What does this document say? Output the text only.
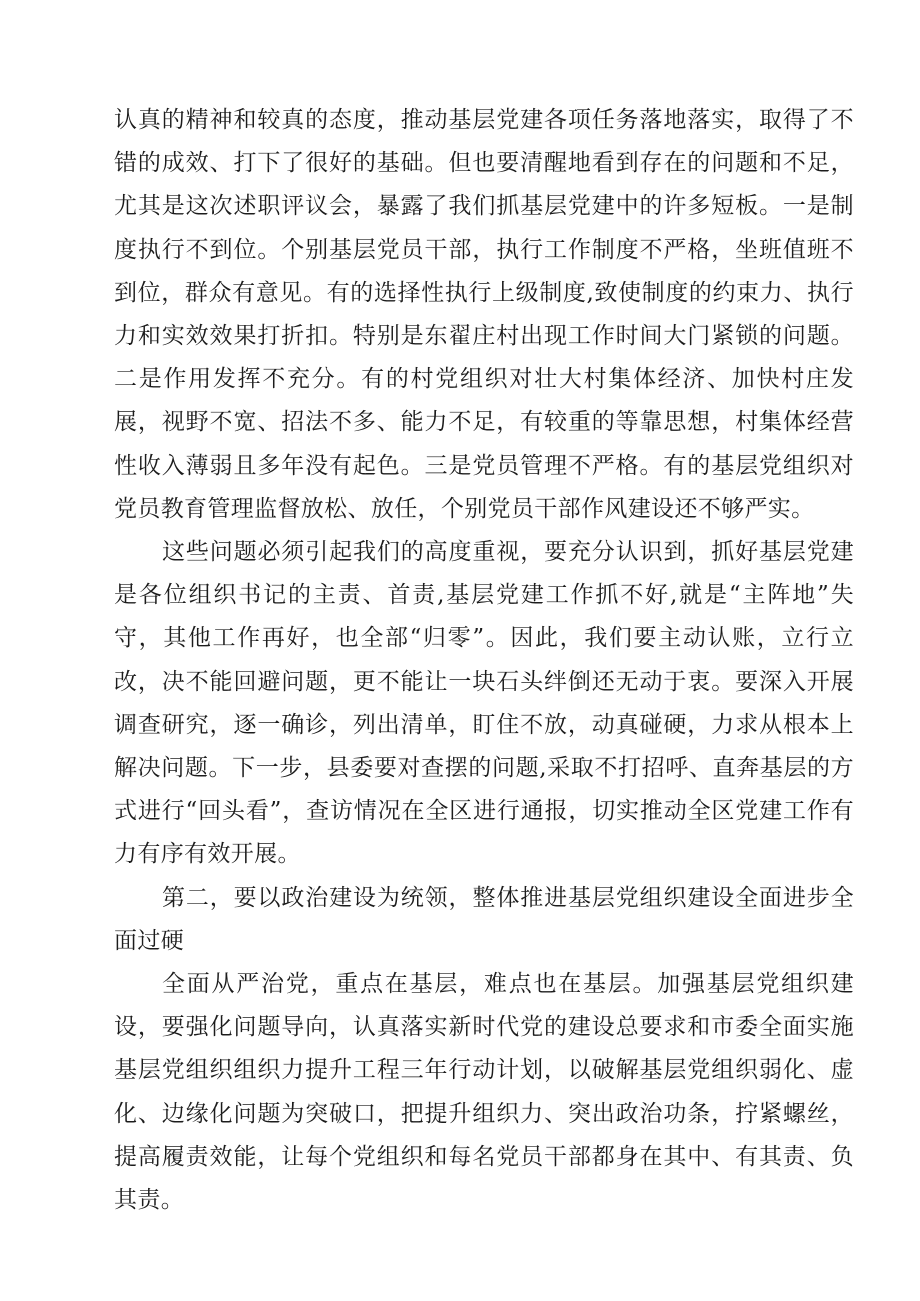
认真的精神和较真的态度，推动基层党建各项任务落地落实，取得了不错的成效、打下了很好的基础。但也要清醒地看到存在的问题和不足，尤其是这次述职评议会，暴露了我们抓基层党建中的许多短板。一是制度执行不到位。个别基层党员干部，执行工作制度不严格，坐班值班不到位，群众有意见。有的选择性执行上级制度,致使制度的约束力、执行力和实效效果打折扣。特别是东翟庄村出现工作时间大门紧锁的问题。二是作用发挥不充分。有的村党组织对壮大村集体经济、加快村庄发展，视野不宽、招法不多、能力不足，有较重的等靠思想，村集体经营性收入薄弱且多年没有起色。三是党员管理不严格。有的基层党组织对党员教育管理监督放松、放任，个别党员干部作风建设还不够严实。

这些问题必须引起我们的高度重视，要充分认识到，抓好基层党建是各位组织书记的主责、首责,基层党建工作抓不好,就是“主阵地”失守，其他工作再好，也全部“归零”。因此，我们要主动认账，立行立改，决不能回避问题，更不能让一块石头绊倒还无动于衷。要深入开展调查研究，逐一确诊，列出清单，盯住不放，动真碰硬，力求从根本上解决问题。下一步，县委要对查摆的问题,采取不打招呼、直奔基层的方式进行“回头看”，查访情况在全区进行通报，切实推动全区党建工作有力有序有效开展。

第二，要以政治建设为统领，整体推进基层党组织建设全面进步全面过硬

全面从严治党，重点在基层，难点也在基层。加强基层党组织建设，要强化问题导向，认真落实新时代党的建设总要求和市委全面实施基层党组织组织力提升工程三年行动计划，以破解基层党组织弱化、虚化、边缘化问题为突破口，把提升组织力、突出政治功条，拧紧螺丝，提高履责效能，让每个党组织和每名党员干部都身在其中、有其责、负其责。
